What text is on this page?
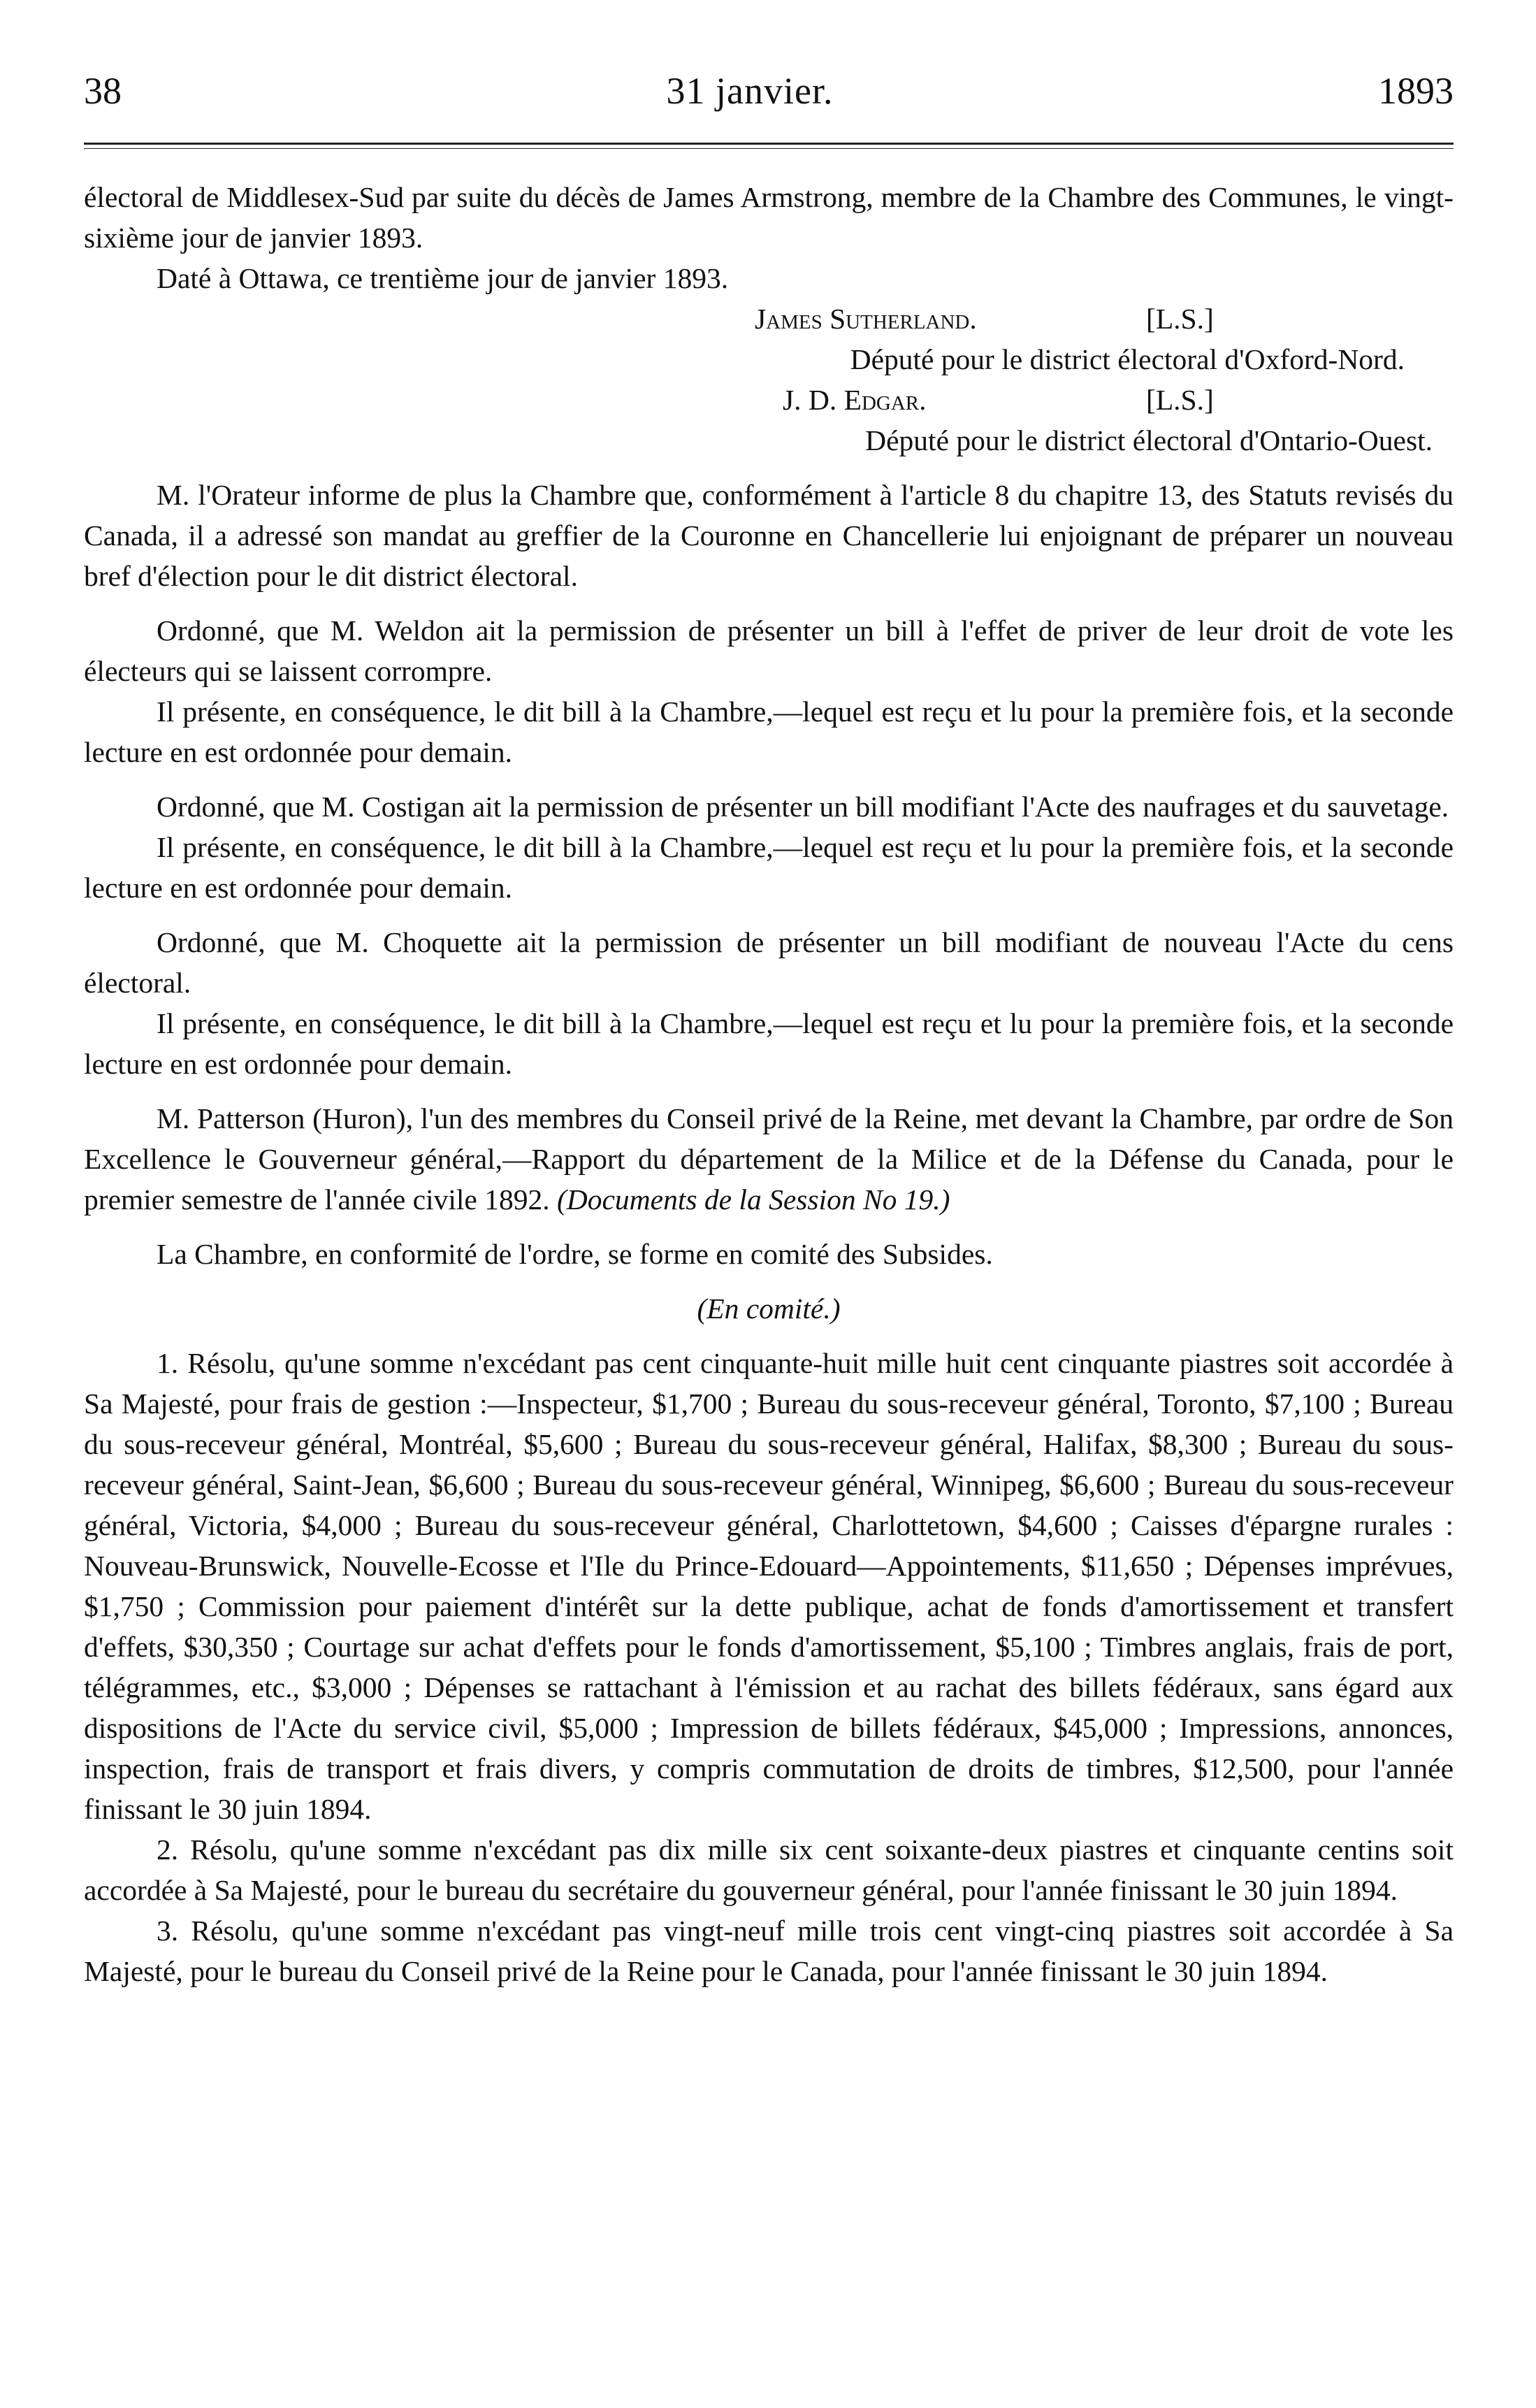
38	31 janvier.	1893

électoral de Middlesex-Sud par suite du décès de James Armstrong, membre de la Chambre des Communes, le vingt-sixième jour de janvier 1893.

Daté à Ottawa, ce trentième jour de janvier 1893.

James Sutherland.	[L.S.]
Député pour le district électoral d'Oxford-Nord.
J. D. Edgar.	[L.S.]
Député pour le district électoral d'Ontario-Ouest.

M. l'Orateur informe de plus la Chambre que, conformément à l'article 8 du chapitre 13, des Statuts revisés du Canada, il a adressé son mandat au greffier de la Couronne en Chancellerie lui enjoignant de préparer un nouveau bref d'élection pour le dit district électoral.

Ordonné, que M. Weldon ait la permission de présenter un bill à l'effet de priver de leur droit de vote les électeurs qui se laissent corrompre.

Il présente, en conséquence, le dit bill à la Chambre,—lequel est reçu et lu pour la première fois, et la seconde lecture en est ordonnée pour demain.

Ordonné, que M. Costigan ait la permission de présenter un bill modifiant l'Acte des naufrages et du sauvetage.

Il présente, en conséquence, le dit bill à la Chambre,—lequel est reçu et lu pour la première fois, et la seconde lecture en est ordonnée pour demain.

Ordonné, que M. Choquette ait la permission de présenter un bill modifiant de nouveau l'Acte du cens électoral.

Il présente, en conséquence, le dit bill à la Chambre,—lequel est reçu et lu pour la première fois, et la seconde lecture en est ordonnée pour demain.

M. Patterson (Huron), l'un des membres du Conseil privé de la Reine, met devant la Chambre, par ordre de Son Excellence le Gouverneur général,—Rapport du département de la Milice et de la Défense du Canada, pour le premier semestre de l'année civile 1892. (Documents de la Session No 19.)

La Chambre, en conformité de l'ordre, se forme en comité des Subsides.

(En comité.)

1. Résolu, qu'une somme n'excédant pas cent cinquante-huit mille huit cent cinquante piastres soit accordée à Sa Majesté, pour frais de gestion :—Inspecteur, $1,700 ; Bureau du sous-receveur général, Toronto, $7,100 ; Bureau du sous-receveur général, Montréal, $5,600 ; Bureau du sous-receveur général, Halifax, $8,300 ; Bureau du sous-receveur général, Saint-Jean, $6,600 ; Bureau du sous-receveur général, Winnipeg, $6,600 ; Bureau du sous-receveur général, Victoria, $4,000 ; Bureau du sous-receveur général, Charlottetown, $4,600 ; Caisses d'épargne rurales : Nouveau-Brunswick, Nouvelle-Ecosse et l'Ile du Prince-Edouard—Appointements, $11,650 ; Dépenses imprévues, $1,750 ; Commission pour paiement d'intérêt sur la dette publique, achat de fonds d'amortissement et transfert d'effets, $30,350 ; Courtage sur achat d'effets pour le fonds d'amortissement, $5,100 ; Timbres anglais, frais de port, télégrammes, etc., $3,000 ; Dépenses se rattachant à l'émission et au rachat des billets fédéraux, sans égard aux dispositions de l'Acte du service civil, $5,000 ; Impression de billets fédéraux, $45,000 ; Impressions, annonces, inspection, frais de transport et frais divers, y compris commutation de droits de timbres, $12,500, pour l'année finissant le 30 juin 1894.

2. Résolu, qu'une somme n'excédant pas dix mille six cent soixante-deux piastres et cinquante centins soit accordée à Sa Majesté, pour le bureau du secrétaire du gouverneur général, pour l'année finissant le 30 juin 1894.

3. Résolu, qu'une somme n'excédant pas vingt-neuf mille trois cent vingt-cinq piastres soit accordée à Sa Majesté, pour le bureau du Conseil privé de la Reine pour le Canada, pour l'année finissant le 30 juin 1894.
